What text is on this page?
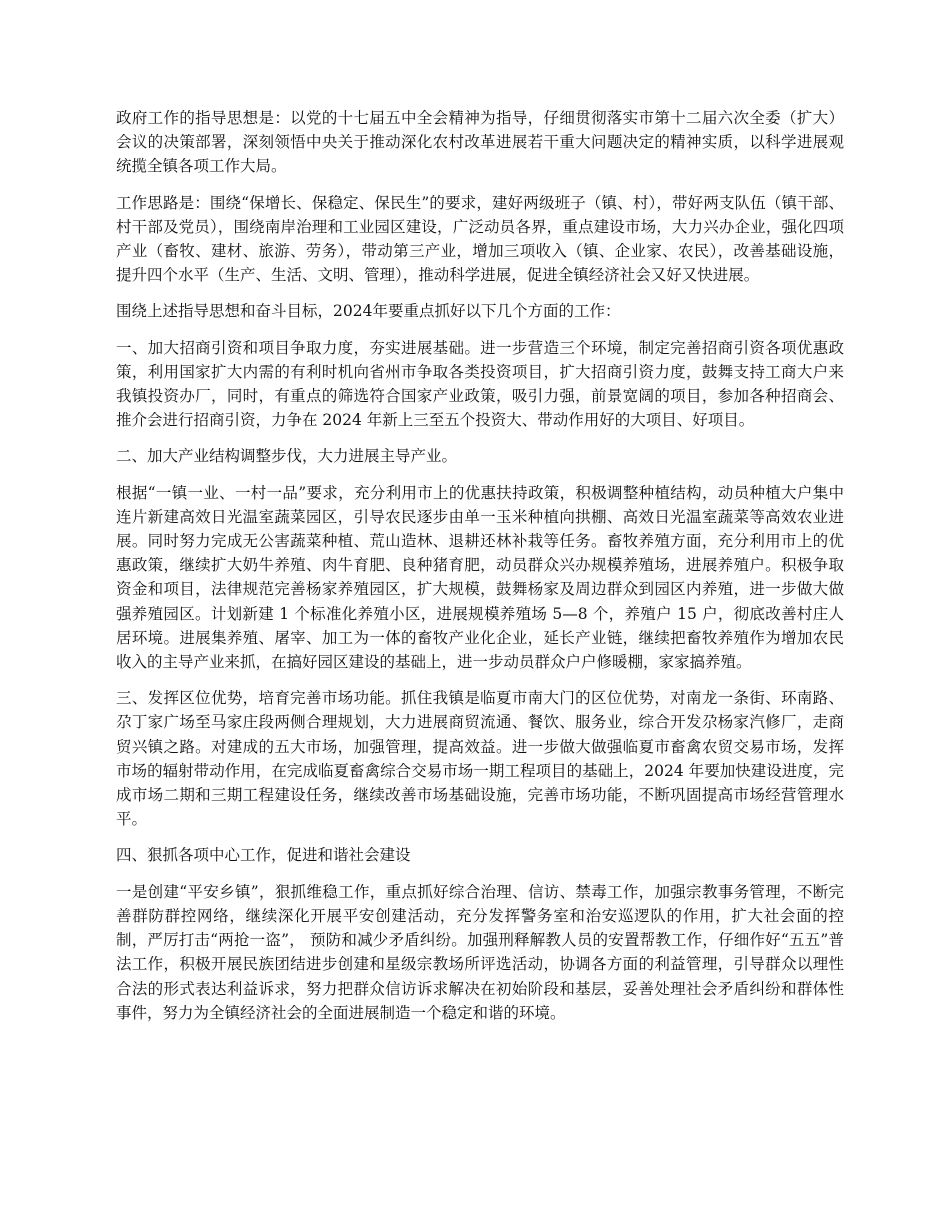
政府工作的指导思想是：以党的十七届五中全会精神为指导，仔细贯彻落实市第十二届六次全委（扩大）会议的决策部署，深刻领悟中央关于推动深化农村改革进展若干重大问题决定的精神实质，以科学进展观统揽全镇各项工作大局。

工作思路是：围绕“保增长、保稳定、保民生”的要求，建好两级班子（镇、村），带好两支队伍（镇干部、村干部及党员），围绕南岸治理和工业园区建设，广泛动员各界，重点建设市场，大力兴办企业，强化四项产业（畜牧、建材、旅游、劳务），带动第三产业，增加三项收入（镇、企业家、农民），改善基础设施，提升四个水平（生产、生活、文明、管理），推动科学进展，促进全镇经济社会又好又快进展。

围绕上述指导思想和奋斗目标，2024年要重点抓好以下几个方面的工作：

一、加大招商引资和项目争取力度，夯实进展基础。进一步营造三个环境，制定完善招商引资各项优惠政策，利用国家扩大内需的有利时机向省州市争取各类投资项目，扩大招商引资力度，鼓舞支持工商大户来我镇投资办厂，同时，有重点的筛选符合国家产业政策，吸引力强，前景宽阔的项目，参加各种招商会、推介会进行招商引资，力争在 2024 年新上三至五个投资大、带动作用好的大项目、好项目。

二、加大产业结构调整步伐，大力进展主导产业。

根据“一镇一业、一村一品”要求，充分利用市上的优惠扶持政策，积极调整种植结构，动员种植大户集中连片新建高效日光温室蔬菜园区，引导农民逐步由单一玉米种植向拱棚、高效日光温室蔬菜等高效农业进展。同时努力完成无公害蔬菜种植、荒山造林、退耕还林补栽等任务。畜牧养殖方面，充分利用市上的优惠政策，继续扩大奶牛养殖、肉牛育肥、良种猪育肥，动员群众兴办规模养殖场，进展养殖户。积极争取资金和项目，法律规范完善杨家养殖园区，扩大规模，鼓舞杨家及周边群众到园区内养殖，进一步做大做强养殖园区。计划新建 1 个标准化养殖小区，进展规模养殖场 5—8 个，养殖户 15 户，彻底改善村庄人居环境。进展集养殖、屠宰、加工为一体的畜牧产业化企业，延长产业链，继续把畜牧养殖作为增加农民收入的主导产业来抓，在搞好园区建设的基础上，进一步动员群众户户修暖棚，家家搞养殖。

三、发挥区位优势，培育完善市场功能。抓住我镇是临夏市南大门的区位优势，对南龙一条街、环南路、尕丁家广场至马家庄段两侧合理规划，大力进展商贸流通、餐饮、服务业，综合开发尕杨家汽修厂，走商贸兴镇之路。对建成的五大市场，加强管理，提高效益。进一步做大做强临夏市畜禽农贸交易市场，发挥市场的辐射带动作用，在完成临夏畜禽综合交易市场一期工程项目的基础上，2024 年要加快建设进度，完成市场二期和三期工程建设任务，继续改善市场基础设施，完善市场功能，不断巩固提高市场经营管理水平。

四、狠抓各项中心工作，促进和谐社会建设

一是创建“平安乡镇”，狠抓维稳工作，重点抓好综合治理、信访、禁毒工作，加强宗教事务管理，不断完善群防群控网络，继续深化开展平安创建活动，充分发挥警务室和治安巡逻队的作用，扩大社会面的控制，严厉打击“两抢一盗”， 预防和减少矛盾纠纷。加强刑释解教人员的安置帮教工作，仔细作好“五五”普法工作，积极开展民族团结进步创建和星级宗教场所评选活动，协调各方面的利益管理，引导群众以理性合法的形式表达利益诉求，努力把群众信访诉求解决在初始阶段和基层，妥善处理社会矛盾纠纷和群体性事件，努力为全镇经济社会的全面进展制造一个稳定和谐的环境。
